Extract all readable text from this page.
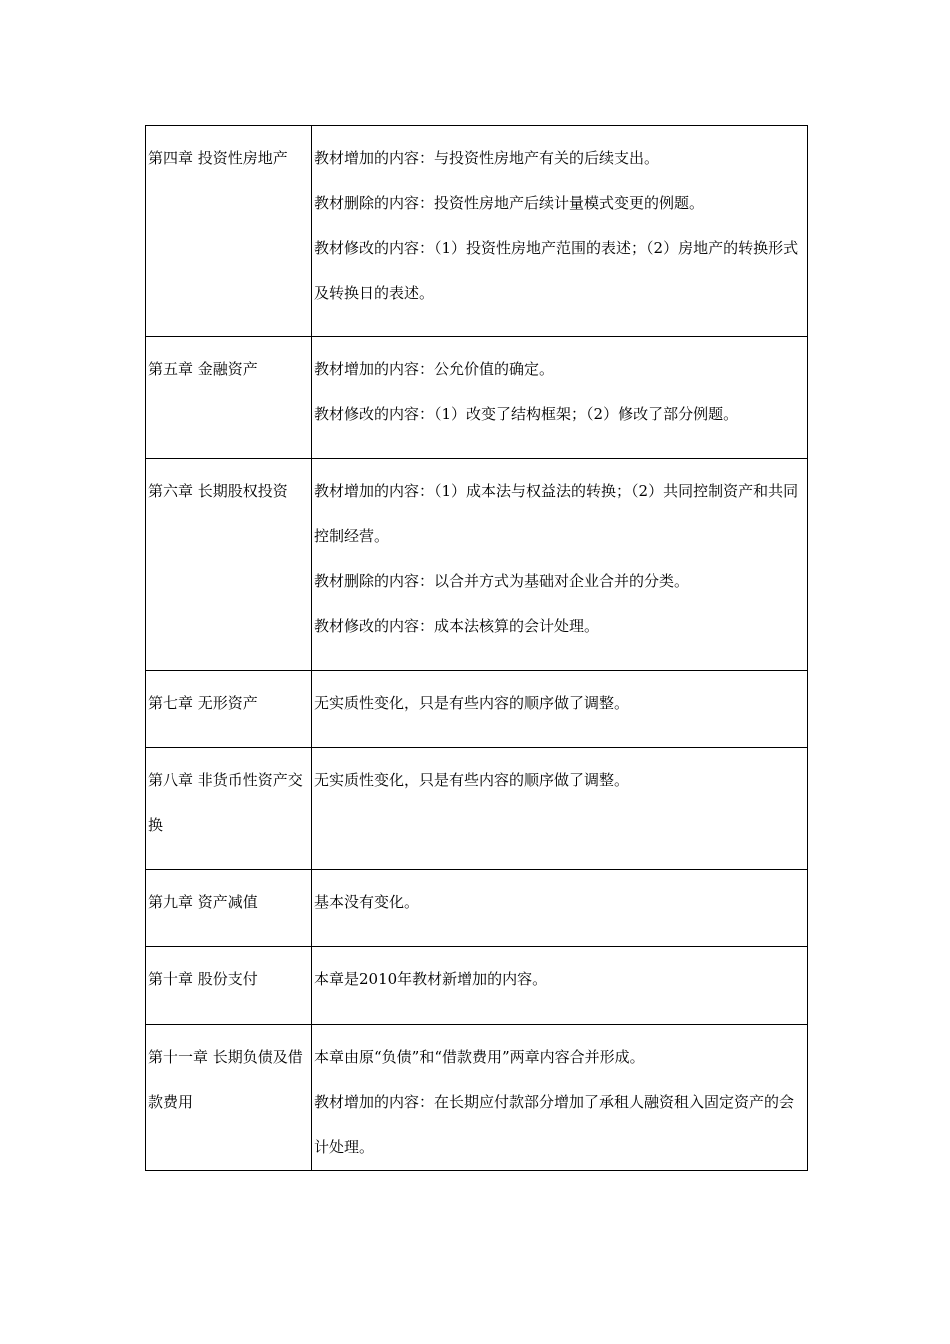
第四章 投资性房地产	教材增加的内容：与投资性房地产有关的后续支出。

教材删除的内容：投资性房地产后续计量模式变更的例题。

教材修改的内容：（1）投资性房地产范围的表述；（2）房地产的转换形式及转换日的表述。

第五章 金融资产	教材增加的内容：公允价值的确定。

教材修改的内容：（1）改变了结构框架；（2）修改了部分例题。

第六章 长期股权投资	教材增加的内容：（1）成本法与权益法的转换；（2）共同控制资产和共同控制经营。

教材删除的内容：以合并方式为基础对企业合并的分类。

教材修改的内容：成本法核算的会计处理。

第七章 无形资产	无实质性变化，只是有些内容的顺序做了调整。

第八章 非货币性资产交换	无实质性变化，只是有些内容的顺序做了调整。

第九章 资产减值	基本没有变化。

第十章 股份支付	本章是2010年教材新增加的内容。

第十一章 长期负债及借款费用	本章由原“负债”和“借款费用”两章内容合并形成。

教材增加的内容：在长期应付款部分增加了承租人融资租入固定资产的会计处理。
